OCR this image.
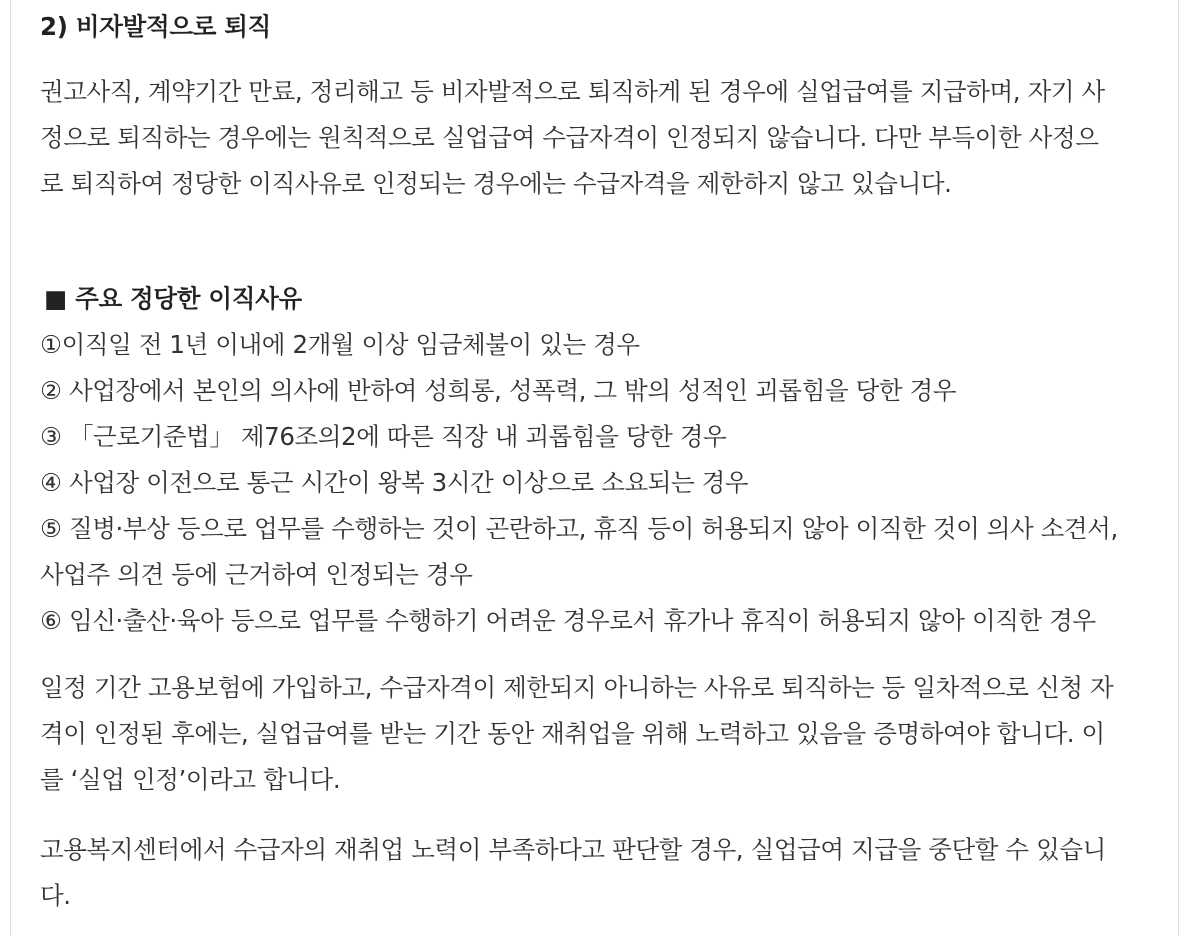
2) 비자발적으로 퇴직

권고사직, 계약기간 만료, 정리해고 등 비자발적으로 퇴직하게 된 경우에 실업급여를 지급하며, 자기 사
정으로 퇴직하는 경우에는 원칙적으로 실업급여 수급자격이 인정되지 않습니다. 다만 부득이한 사정으
로 퇴직하여 정당한 이직사유로 인정되는 경우에는 수급자격을 제한하지 않고 있습니다.

■ 주요 정당한 이직사유
①이직일 전 1년 이내에 2개월 이상 임금체불이 있는 경우
② 사업장에서 본인의 의사에 반하여 성희롱, 성폭력, 그 밖의 성적인 괴롭힘을 당한 경우
③ 「근로기준법」 제76조의2에 따른 직장 내 괴롭힘을 당한 경우
④ 사업장 이전으로 통근 시간이 왕복 3시간 이상으로 소요되는 경우
⑤ 질병·부상 등으로 업무를 수행하는 것이 곤란하고, 휴직 등이 허용되지 않아 이직한 것이 의사 소견서,
사업주 의견 등에 근거하여 인정되는 경우
⑥ 임신·출산·육아 등으로 업무를 수행하기 어려운 경우로서 휴가나 휴직이 허용되지 않아 이직한 경우

일정 기간 고용보험에 가입하고, 수급자격이 제한되지 아니하는 사유로 퇴직하는 등 일차적으로 신청 자
격이 인정된 후에는, 실업급여를 받는 기간 동안 재취업을 위해 노력하고 있음을 증명하여야 합니다. 이
를 ‘실업 인정’이라고 합니다.

고용복지센터에서 수급자의 재취업 노력이 부족하다고 판단할 경우, 실업급여 지급을 중단할 수 있습니
다.
